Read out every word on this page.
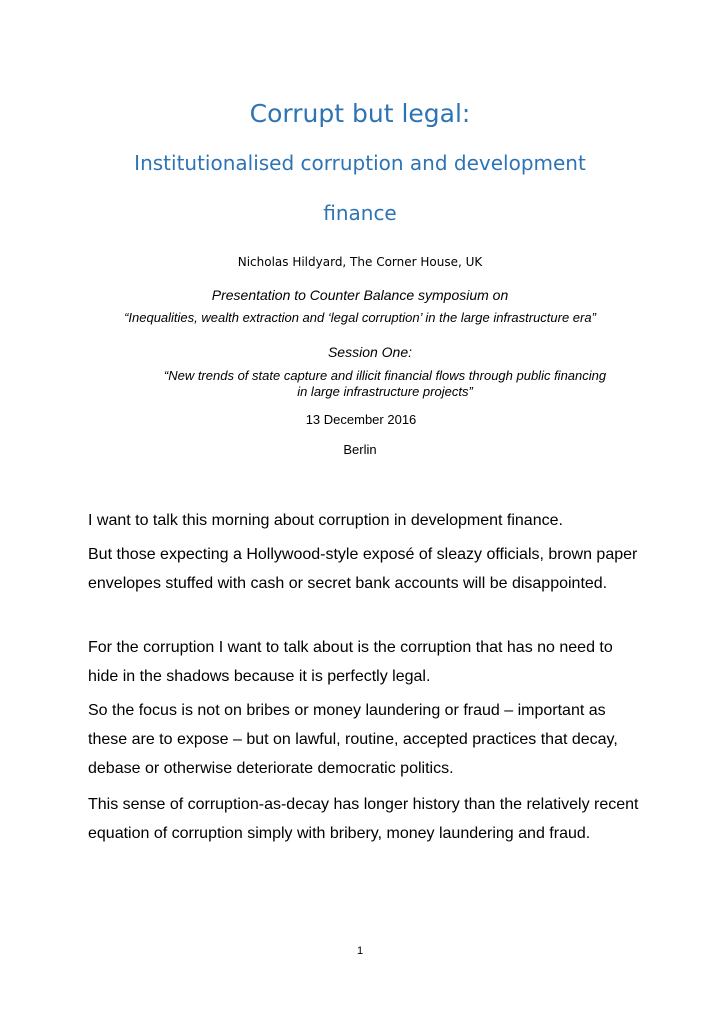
Corrupt but legal:
Institutionalised corruption and development
finance
Nicholas Hildyard, The Corner House, UK
Presentation to Counter Balance symposium on
“Inequalities, wealth extraction and ‘legal corruption’ in the large infrastructure era”
Session One:
“New trends of state capture and illicit financial flows through public financing
in large infrastructure projects”
13 December 2016
Berlin

I want to talk this morning about corruption in development finance.

But those expecting a Hollywood-style exposé of sleazy officials, brown paper envelopes stuffed with cash or secret bank accounts will be disappointed.

For the corruption I want to talk about is the corruption that has no need to hide in the shadows because it is perfectly legal.

So the focus is not on bribes or money laundering or fraud – important as these are to expose – but on lawful, routine, accepted practices that decay, debase or otherwise deteriorate democratic politics.

This sense of corruption-as-decay has longer history than the relatively recent equation of corruption simply with bribery, money laundering and fraud.

1
